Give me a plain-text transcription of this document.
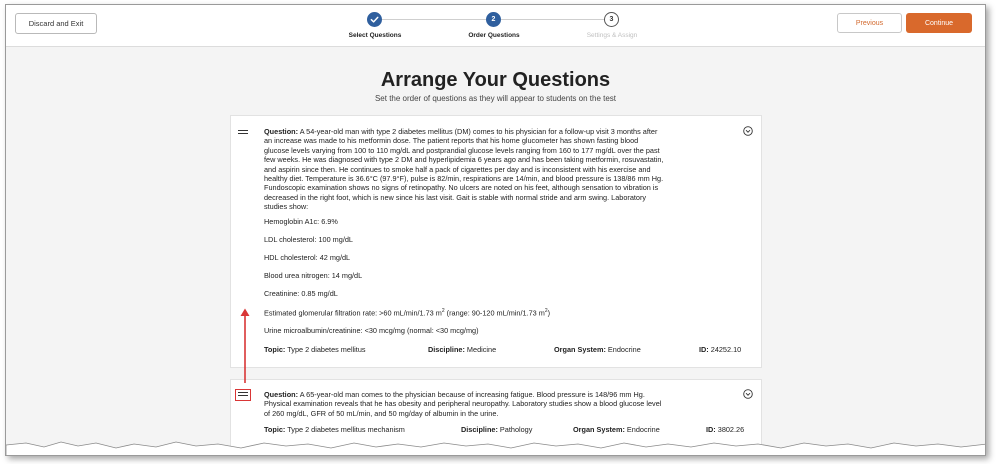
Discard and Exit	2	3
Select Questions	Order Questions	Settings & Assign
Previous	Continue
Arrange Your Questions
Set the order of questions as they will appear to students on the test
Question: A 54-year-old man with type 2 diabetes mellitus (DM) comes to his physician for a follow-up visit 3 months after
an increase was made to his metformin dose. The patient reports that his home glucometer has shown fasting blood
glucose levels varying from 100 to 110 mg/dL and postprandial glucose levels ranging from 160 to 177 mg/dL over the past
few weeks. He was diagnosed with type 2 DM and hyperlipidemia 6 years ago and has been taking metformin, rosuvastatin,
and aspirin since then. He continues to smoke half a pack of cigarettes per day and is inconsistent with his exercise and
healthy diet. Temperature is 36.6°C (97.9°F), pulse is 82/min, respirations are 14/min, and blood pressure is 138/86 mm Hg.
Fundoscopic examination shows no signs of retinopathy. No ulcers are noted on his feet, although sensation to vibration is
decreased in the right foot, which is new since his last visit. Gait is stable with normal stride and arm swing. Laboratory
studies show:
Hemoglobin A1c: 6.9%
LDL cholesterol: 100 mg/dL
HDL cholesterol: 42 mg/dL
Blood urea nitrogen: 14 mg/dL
Creatinine: 0.85 mg/dL
Estimated glomerular filtration rate: >60 mL/min/1.73 $m^2$ (range: 90-120 mL/min/1.73 $m^2$)
Urine microalbumin/creatinine: <30 mcg/mg (normal: <30 mcg/mg)
Topic: Type 2 diabetes mellitus	Discipline: Medicine	Organ System: Endocrine	ID: 24252.10
Question: A 65-year-old man comes to the physician because of increasing fatigue. Blood pressure is 148/96 mm Hg.
Physical examination reveals that he has obesity and peripheral neuropathy. Laboratory studies show a blood glucose level
of 260 mg/dL, GFR of 50 mL/min, and 50 mg/day of albumin in the urine.
Topic: Type 2 diabetes mellitus mechanism	Discipline: Pathology	Organ System: Endocrine	ID: 3802.26
